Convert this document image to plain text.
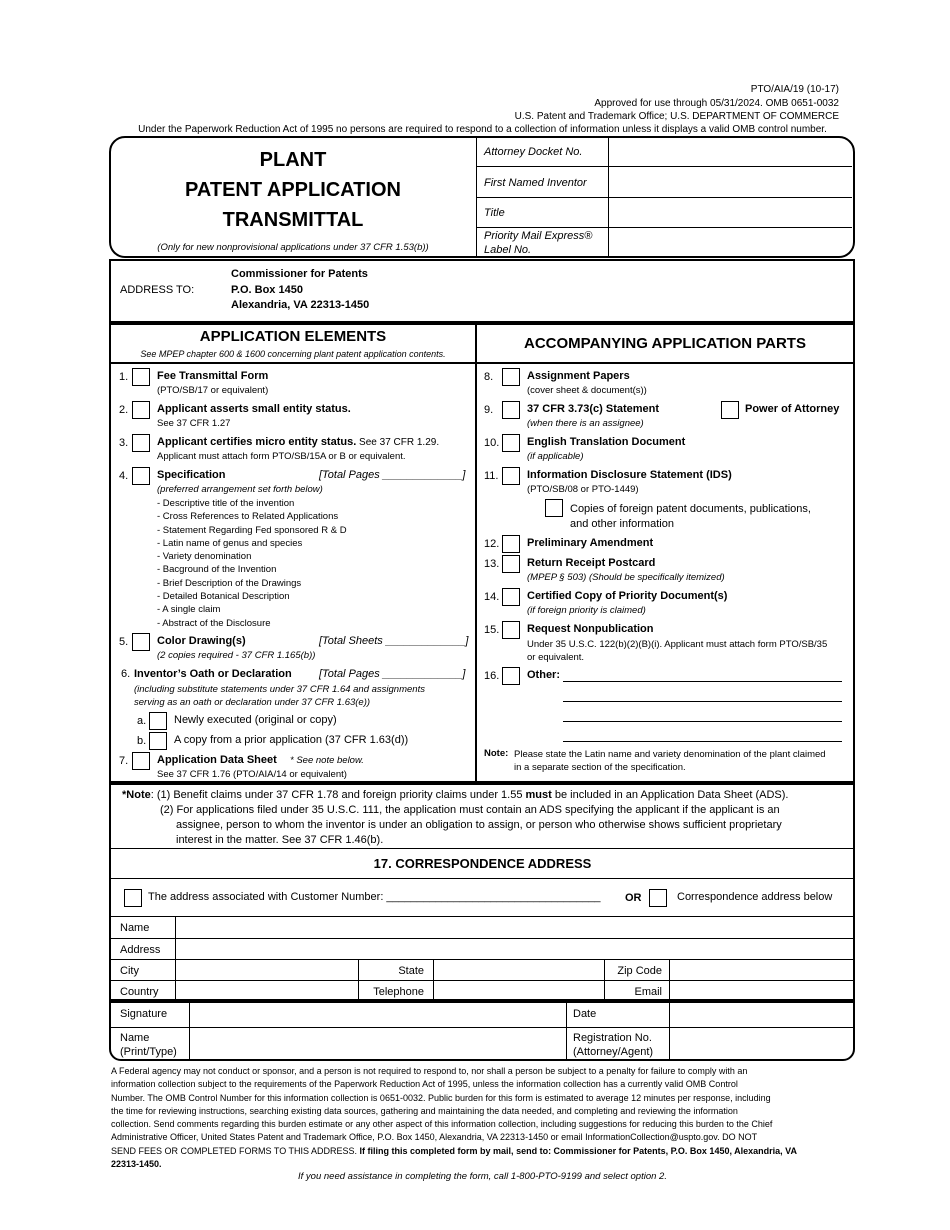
PTO/AIA/19 (10-17)
Approved for use through 05/31/2024. OMB 0651-0032
U.S. Patent and Trademark Office; U.S. DEPARTMENT OF COMMERCE
Under the Paperwork Reduction Act of 1995 no persons are required to respond to a collection of information unless it displays a valid OMB control number.
PLANT
PATENT APPLICATION
TRANSMITTAL
(Only for new nonprovisional applications under 37 CFR 1.53(b))
Attorney Docket No.
First Named Inventor
Title
Priority Mail Express®
Label No.
ADDRESS TO:
Commissioner for Patents
P.O. Box 1450
Alexandria, VA 22313-1450
APPLICATION ELEMENTS
See MPEP chapter 600 & 1600 concerning plant patent application contents.
ACCOMPANYING APPLICATION PARTS
1.	Fee Transmittal Form
(PTO/SB/17 or equivalent)
2.	Applicant asserts small entity status.
See 37 CFR 1.27
3.	Applicant certifies micro entity status. See 37 CFR 1.29.
Applicant must attach form PTO/SB/15A or B or equivalent.
4.	Specification	[Total Pages _____________]
(preferred arrangement set forth below)
- Descriptive title of the invention
- Cross References to Related Applications
- Statement Regarding Fed sponsored R & D
- Latin name of genus and species
- Variety denomination
- Bacground of the Invention
- Brief Description of the Drawings
- Detailed Botanical Description
- A single claim
- Abstract of the Disclosure
5.	Color Drawing(s)	[Total Sheets _____________]
(2 copies required - 37 CFR 1.165(b))
6. Inventor’s Oath or Declaration [Total Pages _____________]
(including substitute statements under 37 CFR 1.64 and assignments
serving as an oath or declaration under 37 CFR 1.63(e))
a.	Newly executed (original or copy)
b.	A copy from a prior application (37 CFR 1.63(d))
7.	Application Data Sheet * See note below.
See 37 CFR 1.76 (PTO/AIA/14 or equivalent)
8.	Assignment Papers
(cover sheet & document(s))
9.	37 CFR 3.73(c) Statement
(when there is an assignee)
Power of Attorney
10.	English Translation Document
(if applicable)
11.	Information Disclosure Statement (IDS)
(PTO/SB/08 or PTO-1449)
Copies of foreign patent documents, publications,
and other information
12.	Preliminary Amendment
13.	Return Receipt Postcard
(MPEP § 503) (Should be specifically itemized)
14.	Certified Copy of Priority Document(s)
(if foreign priority is claimed)
15.	Request Nonpublication
Under 35 U.S.C. 122(b)(2)(B)(i). Applicant must attach form PTO/SB/35
or equivalent.
16.	Other:
Note: Please state the Latin name and variety denomination of the plant claimed
in a separate section of the specification.
*Note: (1) Benefit claims under 37 CFR 1.78 and foreign priority claims under 1.55 must be included in an Application Data Sheet (ADS).
(2) For applications filed under 35 U.S.C. 111, the application must contain an ADS specifying the applicant if the applicant is an
assignee, person to whom the inventor is under an obligation to assign, or person who otherwise shows sufficient proprietary
interest in the matter. See 37 CFR 1.46(b).
17. CORRESPONDENCE ADDRESS
The address associated with Customer Number: ___________________________________ OR	Correspondence address below
Name
Address
City	State	Zip Code
Country	Telephone	Email
Signature	Date
Name
(Print/Type)
Registration No.
(Attorney/Agent)
A Federal agency may not conduct or sponsor, and a person is not required to respond to, nor shall a person be subject to a penalty for failure to comply with an
information collection subject to the requirements of the Paperwork Reduction Act of 1995, unless the information collection has a currently valid OMB Control
Number. The OMB Control Number for this information collection is 0651-0032. Public burden for this form is estimated to average 12 minutes per response, including
the time for reviewing instructions, searching existing data sources, gathering and maintaining the data needed, and completing and reviewing the information
collection. Send comments regarding this burden estimate or any other aspect of this information collection, including suggestions for reducing this burden to the Chief
Administrative Officer, United States Patent and Trademark Office, P.O. Box 1450, Alexandria, VA 22313-1450 or email InformationCollection@uspto.gov. DO NOT
SEND FEES OR COMPLETED FORMS TO THIS ADDRESS. If filing this completed form by mail, send to: Commissioner for Patents, P.O. Box 1450, Alexandria, VA
22313-1450.
If you need assistance in completing the form, call 1-800-PTO-9199 and select option 2.
